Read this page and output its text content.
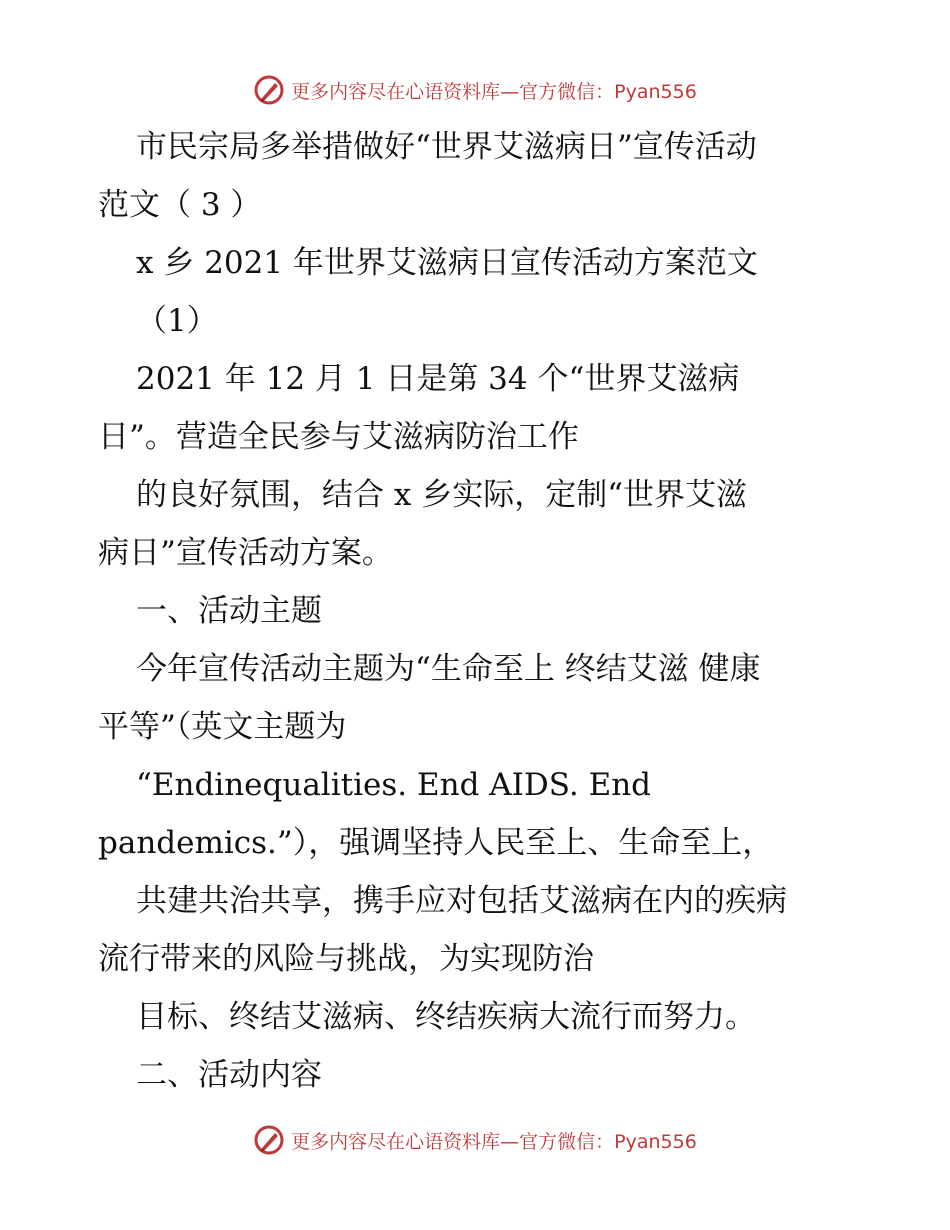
更多内容尽在心语资料库—官方微信：Pyan556
市民宗局多举措做好“世界艾滋病日”宣传活动
范文（ 3 ）
x 乡 2021 年世界艾滋病日宣传活动方案范文
（1）
2021 年 12 月 1 日是第 34 个“世界艾滋病
日”。营造全民参与艾滋病防治工作
的良好氛围，结合 x 乡实际，定制“世界艾滋
病日”宣传活动方案。
一、活动主题
今年宣传活动主题为“生命至上 终结艾滋 健康
平等”（英文主题为
“Endinequalities. End AIDS. End
pandemics.”），强调坚持人民至上、生命至上，
共建共治共享，携手应对包括艾滋病在内的疾病
流行带来的风险与挑战，为实现防治
目标、终结艾滋病、终结疾病大流行而努力。
二、活动内容
更多内容尽在心语资料库—官方微信：Pyan556
